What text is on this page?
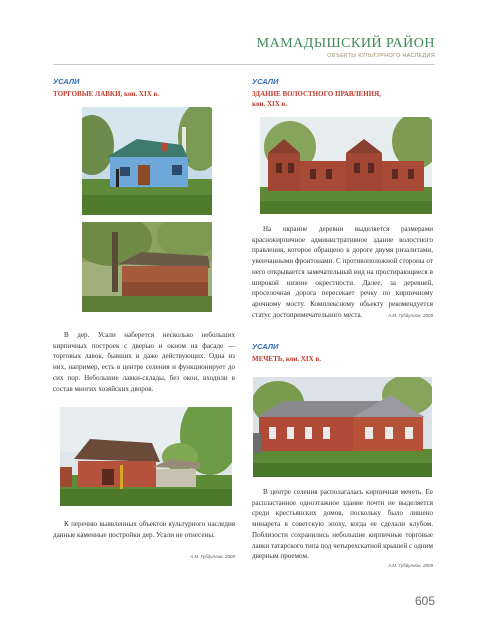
МАМАДЫШСКИЙ РАЙОН
ОБЪЕКТЫ КУЛЬТУРНОГО НАСЛЕДИЯ
УСАЛИ
ТОРГОВЫЕ ЛАВКИ, кон. XIX в.

В дер. Усали наберется несколько небольших кирпичных построек с дверью и окном на фасаде — торговых лавок, бывших и даже действующих. Одна из них, например, есть в центре селения и функционирует до сих пор. Небольшие лавки-склады, без окон, входили в состав многих хозяйских дворов.

К перечню выявленных объектов культурного наследия данные каменные постройки дер. Усали не отнесены.

А.М. Губдуллин, 2009
УСАЛИ
ЗДАНИЕ ВОЛОСТНОГО ПРАВЛЕНИЯ,
кон. XIX в.

На окраине деревни выделяется размерами краснокирпичное административное здание волостного правления, которое обращено к дороге двумя ризалитами, увенчанными фронтонами. С противоположной стороны от него открывается замечательный вид на простирающиеся в широкой низине окрестности. Далее, за деревней, проселочная дорога пересекает речку по кирпичному арочному мосту. Комплексному объекту рекомендуется статус достопримечательного места.	А.М. Губдуллин, 2009
УСАЛИ
МЕЧЕТЬ, кон. XIX в.

В центре селения располагалась кирпичная мечеть. Ее распластанное одноэтажное здание почти не выделяется среди крестьянских домов, поскольку было лишено минарета в советскую эпоху, когда ее сделали клубом. Поблизости сохранились небольшие кирпичные торговые лавки татарского типа под четырехскатной крышей с одним дверным проемом.

А.М. Губдуллин, 2009
605
